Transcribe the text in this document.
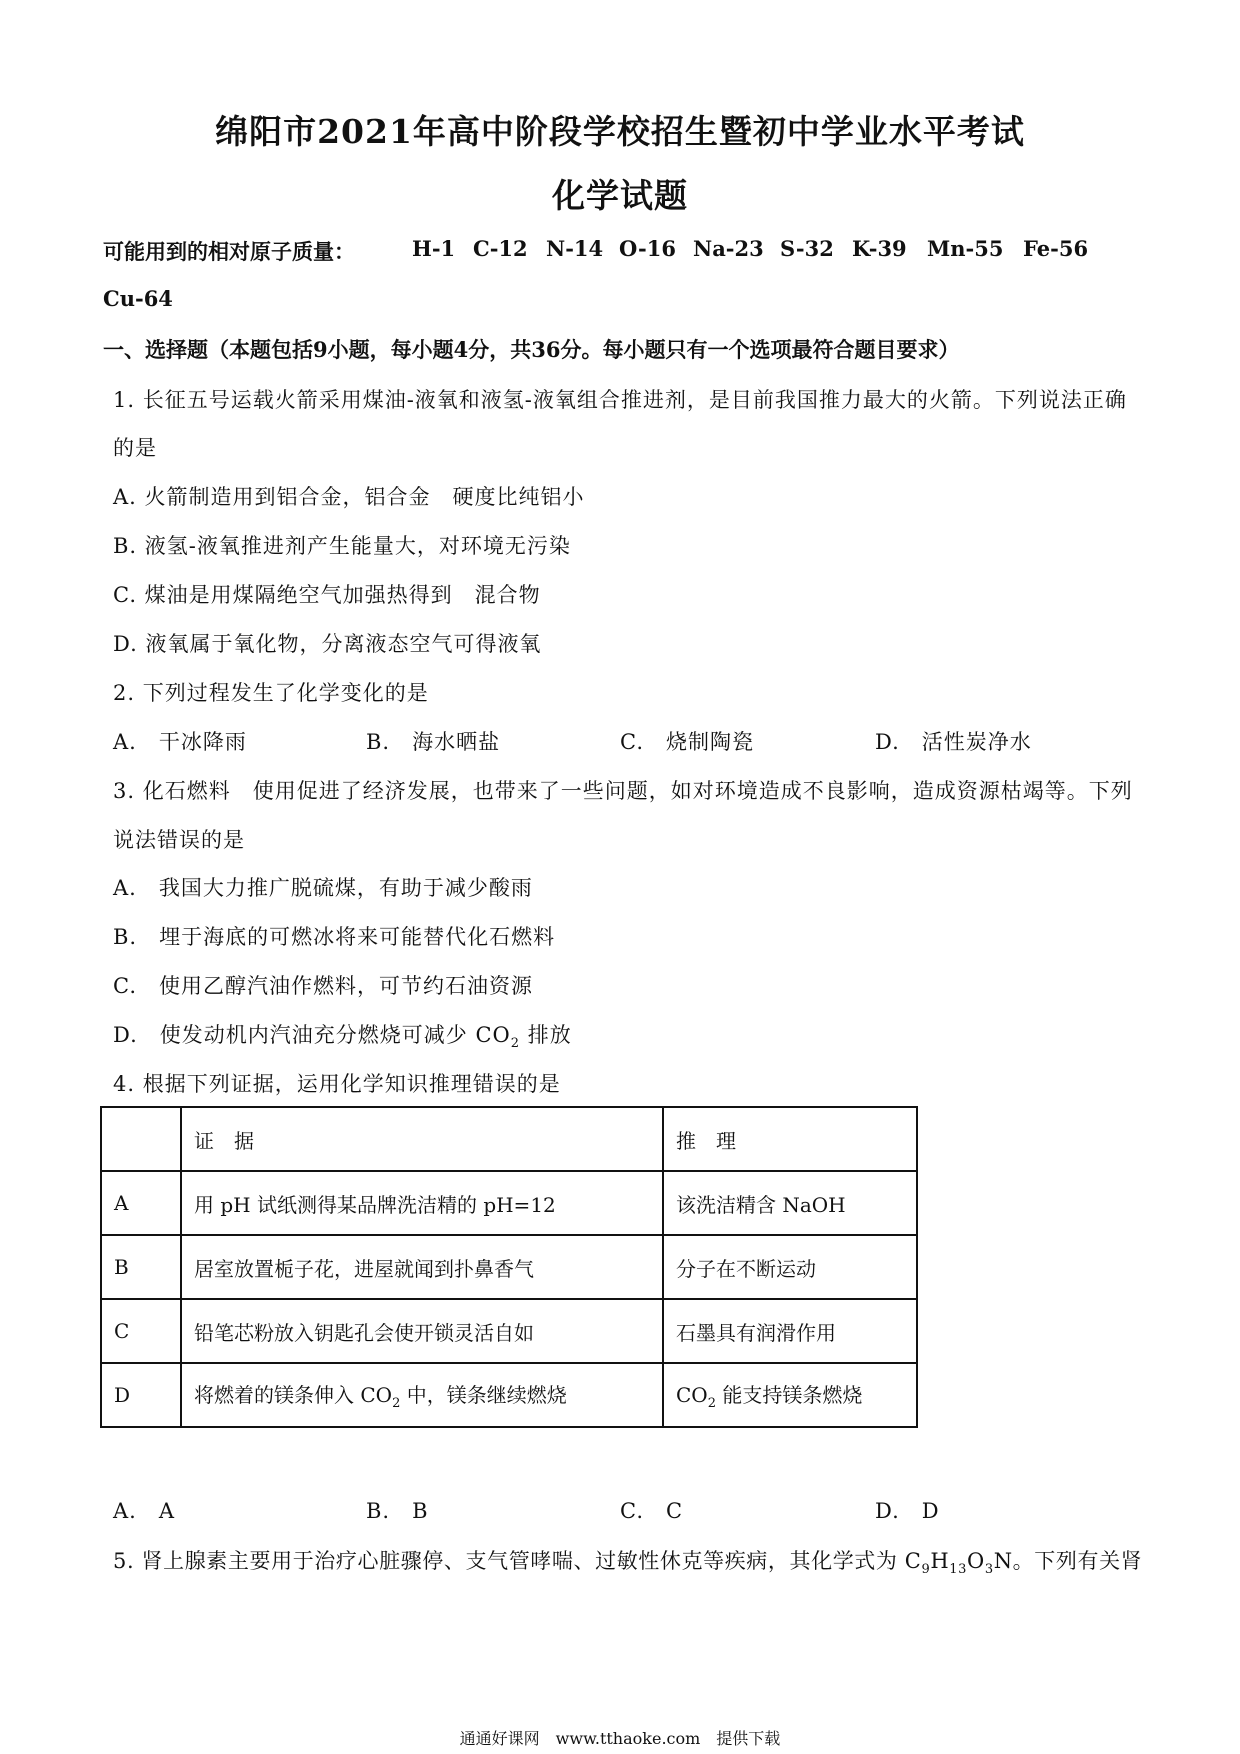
绵阳市2021年高中阶段学校招生暨初中学业水平考试
化学试题
可能用到的相对原子质量：	H-1 C-12 N-14 O-16 Na-23 S-32 K-39 Mn-55 Fe-56
Cu-64
一、选择题（本题包括9小题，每小题4分，共36分。每小题只有一个选项最符合题目要求）
1. 长征五号运载火箭采用煤油-液氧和液氢-液氧组合推进剂，是目前我国推力最大的火箭。下列说法正确
的是
A. 火箭制造用到铝合金，铝合金　硬度比纯铝小
B. 液氢-液氧推进剂产生能量大，对环境无污染
C. 煤油是用煤隔绝空气加强热得到　混合物
D. 液氧属于氧化物，分离液态空气可得液氧
2. 下列过程发生了化学变化的是
A.　干冰降雨	B.　海水晒盐	C.　烧制陶瓷	D.　活性炭净水
3. 化石燃料　使用促进了经济发展，也带来了一些问题，如对环境造成不良影响，造成资源枯竭等。下列
说法错误的是
A.　我国大力推广脱硫煤，有助于减少酸雨
B.　埋于海底的可燃冰将来可能替代化石燃料
C.　使用乙醇汽油作燃料，可节约石油资源
D.　使发动机内汽油充分燃烧可减少 $CO_2$ 排放
4. 根据下列证据，运用化学知识推理错误的是
	证　据	推　理
A	用 pH 试纸测得某品牌洗洁精的 pH=12	该洗洁精含 NaOH
B	居室放置栀子花，进屋就闻到扑鼻香气	分子在不断运动
C	铅笔芯粉放入钥匙孔会使开锁灵活自如	石墨具有润滑作用
D	将燃着的镁条伸入 $CO_2$ 中，镁条继续燃烧	$CO_2$ 能支持镁条燃烧
A.　A	B.　B	C.　C	D.　D
5. 肾上腺素主要用于治疗心脏骤停、支气管哮喘、过敏性休克等疾病，其化学式为 $C_9H_{13}O_3N$。下列有关肾
通通好课网　www.tthaoke.com　提供下载
